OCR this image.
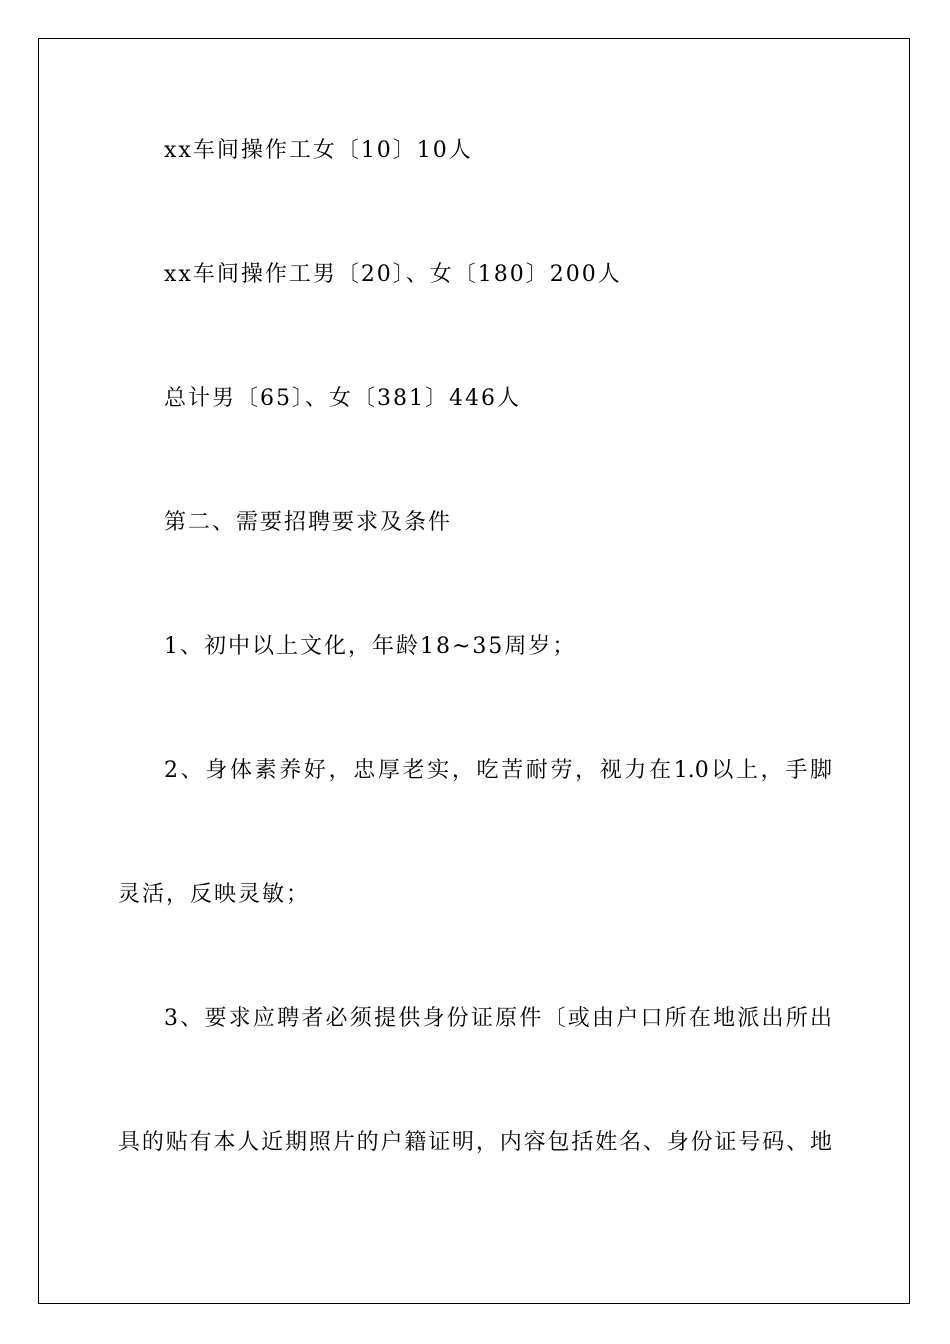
xx车间操作工女〔10〕10人
xx车间操作工男〔20〕、女〔180〕200人
总计男〔65〕、女〔381〕446人
第二、需要招聘要求及条件
1、初中以上文化，年龄18~35周岁；
2、身体素养好，忠厚老实，吃苦耐劳，视力在1.0以上，手脚
灵活，反映灵敏；
3、要求应聘者必须提供身份证原件〔或由户口所在地派出所出
具的贴有本人近期照片的户籍证明，内容包括姓名、身份证号码、地
